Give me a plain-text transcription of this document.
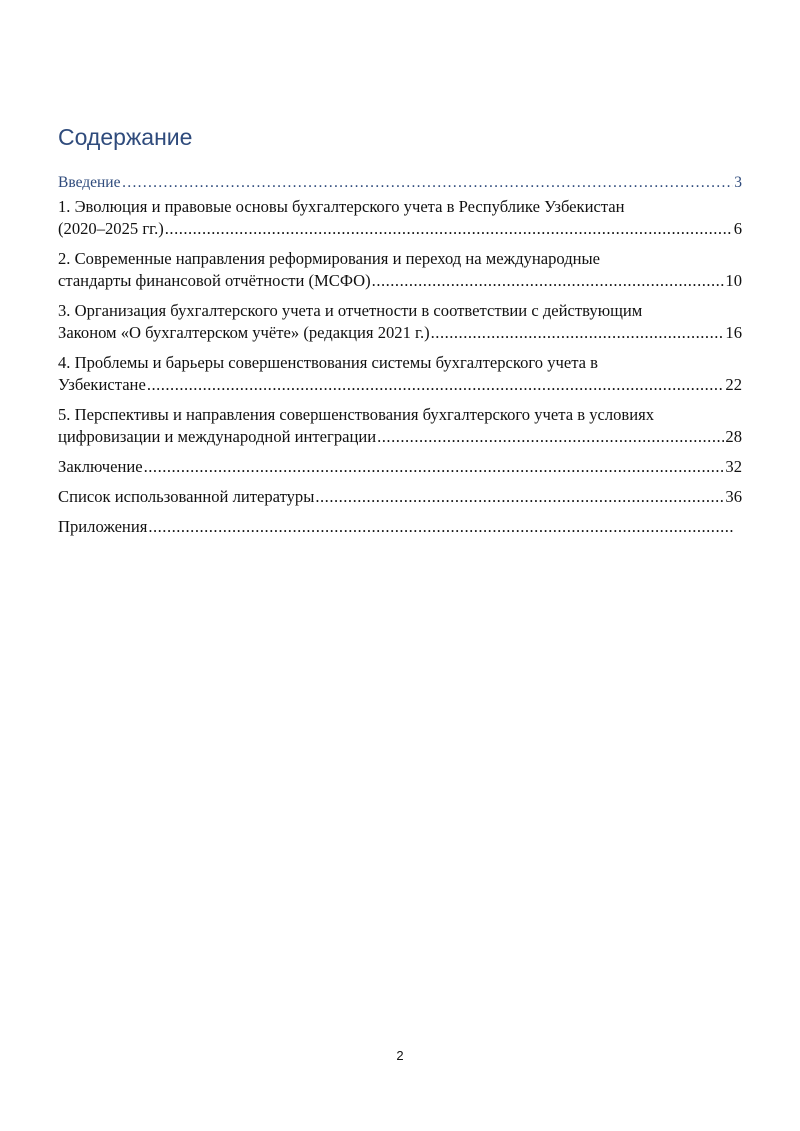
Содержание
Введение ……………………………………………………………………………………………………………………………………………	3
1. Эволюция и правовые основы бухгалтерского учета в Республике Узбекистан
(2020–2025 гг.) .....	6
2. Современные направления реформирования и переход на международные
стандарты финансовой отчётности (МСФО) .....	10
3. Организация бухгалтерского учета и отчетности в соответствии с действующим
Законом «О бухгалтерском учёте» (редакция 2021 г.) .....	16
4. Проблемы и барьеры совершенствования системы бухгалтерского учета в
Узбекистане .....	22
5. Перспективы и направления совершенствования бухгалтерского учета в условиях
цифровизации и международной интеграции .....	28
Заключение .....	32
Список использованной литературы .....	36
Приложения
.....
2
